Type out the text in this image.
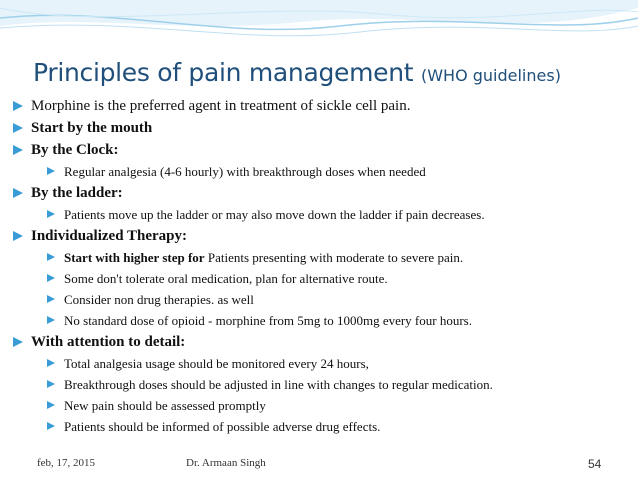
Principles of pain management (WHO guidelines)
Morphine is the preferred agent in treatment of sickle cell pain.
Start by the mouth
By the Clock:
Regular analgesia (4-6 hourly) with breakthrough doses when needed
By the ladder:
Patients move up the ladder or may also move down the ladder if pain decreases.
Individualized Therapy:
Start with higher step for Patients presenting with moderate to severe pain.
Some don't tolerate oral medication, plan for alternative route.
Consider non drug therapies. as well
No standard dose of opioid - morphine from 5mg to 1000mg every four hours.
With attention to detail:
Total analgesia usage should be monitored every 24 hours,
Breakthrough doses should be adjusted in line with changes to regular medication.
New pain should be assessed promptly
Patients should be informed of possible adverse drug effects.
feb, 17, 2015	Dr. Armaan Singh	54
